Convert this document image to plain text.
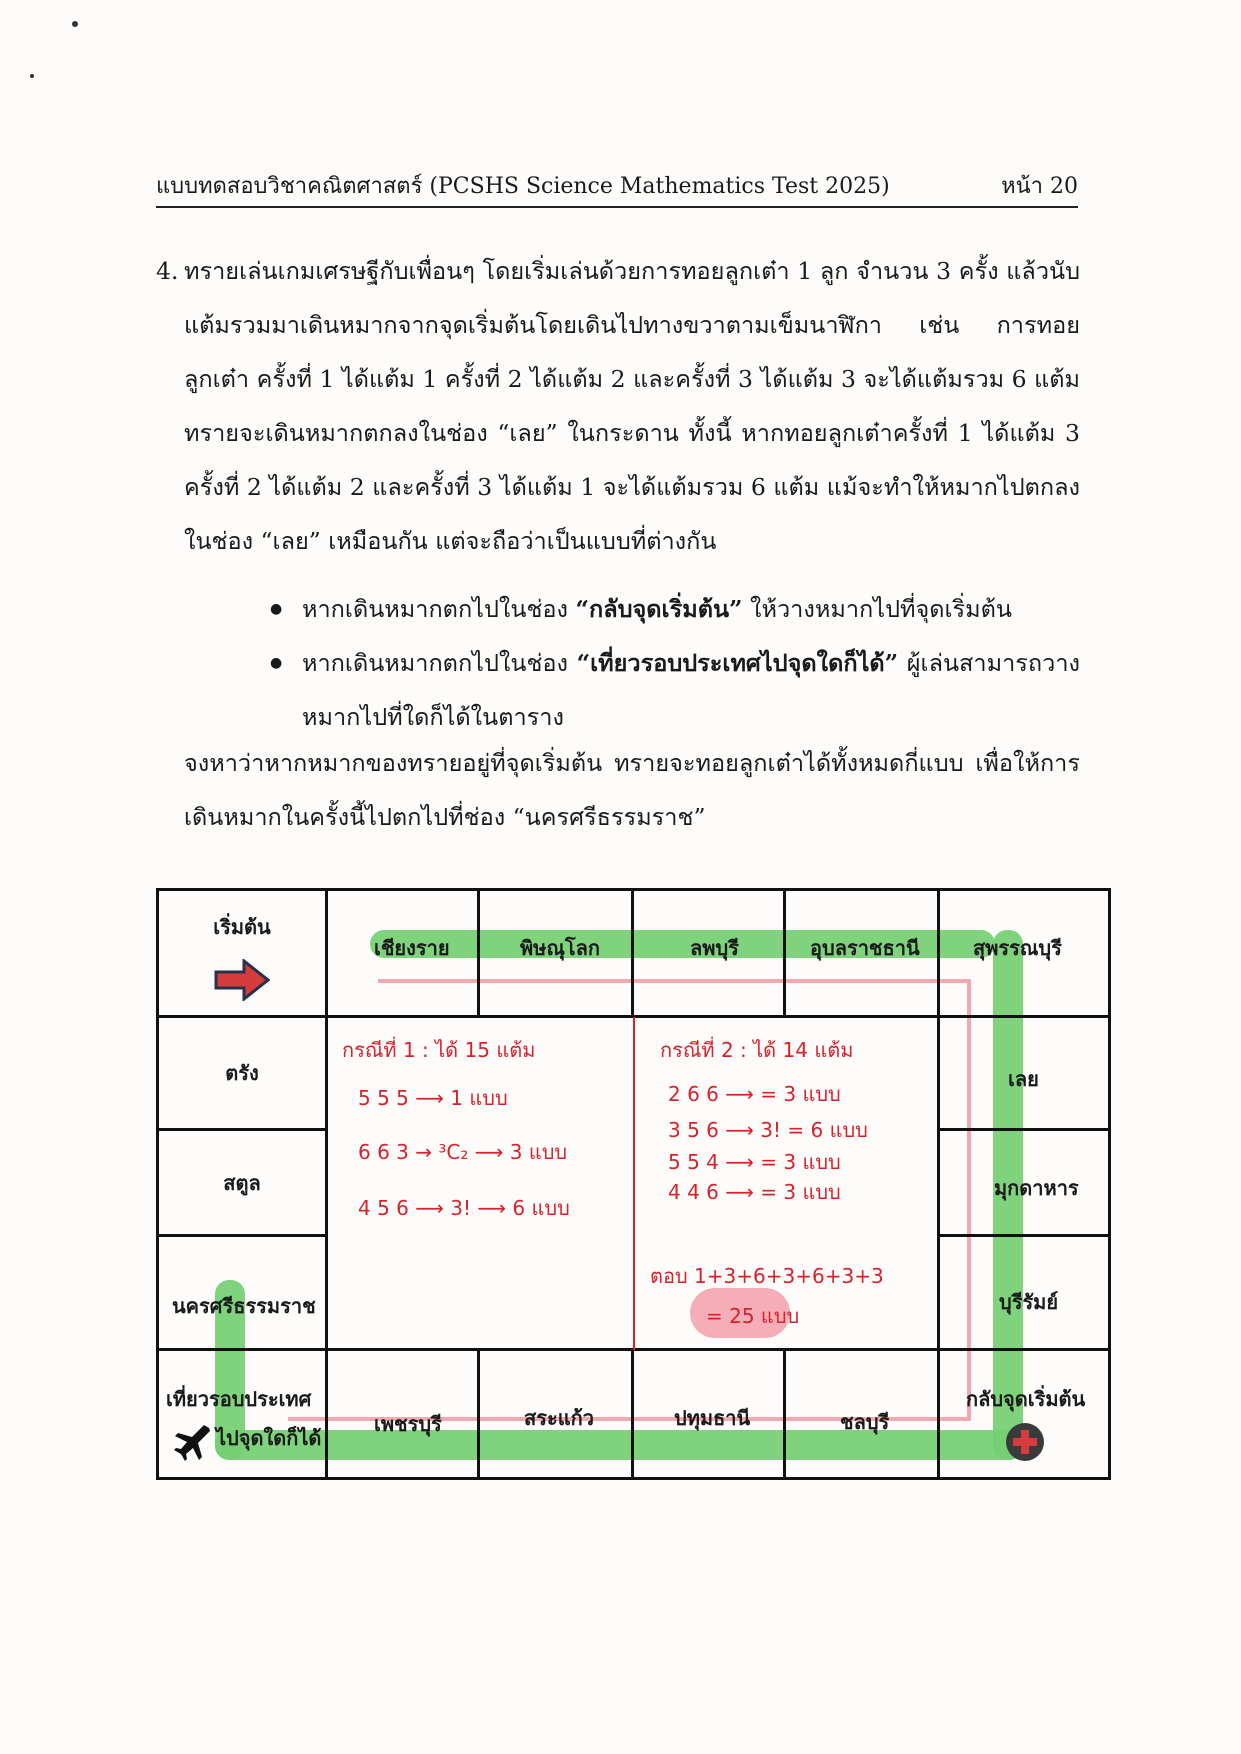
แบบทดสอบวิชาคณิตศาสตร์ (PCSHS Science Mathematics Test 2025)	หน้า 20
4. ทรายเล่นเกมเศรษฐีกับเพื่อนๆ โดยเริ่มเล่นด้วยการทอยลูกเต๋า 1 ลูก จำนวน 3 ครั้ง แล้วนับแต้มรวมมาเดินหมากจากจุดเริ่มต้นโดยเดินไปทางขวาตามเข็มนาฬิกา เช่น การทอยลูกเต๋า ครั้งที่ 1 ได้แต้ม 1 ครั้งที่ 2 ได้แต้ม 2 และครั้งที่ 3 ได้แต้ม 3 จะได้แต้มรวม 6 แต้ม ทรายจะเดินหมากตกลงในช่อง “เลย” ในกระดาน ทั้งนี้ หากทอยลูกเต๋าครั้งที่ 1 ได้แต้ม 3 ครั้งที่ 2 ได้แต้ม 2 และครั้งที่ 3 ได้แต้ม 1 จะได้แต้มรวม 6 แต้ม แม้จะทำให้หมากไปตกลงในช่อง “เลย” เหมือนกัน แต่จะถือว่าเป็นแบบที่ต่างกัน
● หากเดินหมากตกไปในช่อง “กลับจุดเริ่มต้น” ให้วางหมากไปที่จุดเริ่มต้น
● หากเดินหมากตกไปในช่อง “เที่ยวรอบประเทศไปจุดใดก็ได้” ผู้เล่นสามารถวางหมากไปที่ใดก็ได้ในตาราง
จงหาว่าหากหมากของทรายอยู่ที่จุดเริ่มต้น ทรายจะทอยลูกเต๋าได้ทั้งหมดกี่แบบ เพื่อให้การเดินหมากในครั้งนี้ไปตกไปที่ช่อง “นครศรีธรรมราช”
เริ่มต้น
ตรัง
สตูล
เชียงราย	พิษณุโลก	ลพบุรี	อุบลราชธานี	สุพรรณบุรี
เลย
มุกดาหาร
บุรีรัมย์
กลับจุดเริ่มต้น
เพชรบุรี	สระแก้ว	ปทุมธานี	ชลบุรี
นครศรีธรรมราช
เที่ยวรอบประเทศ
ไปจุดใดก็ได้
กรณีที่ 1 : ได้ 15 แต้ม
5 5 5 ⟶ 1 แบบ
6 6 3 → ³C₂ ⟶ 3 แบบ
4 5 6 ⟶ 3! ⟶ 6 แบบ
กรณีที่ 2 : ได้ 14 แต้ม
2 6 6 ⟶ = 3 แบบ
3 5 6 ⟶ 3! = 6 แบบ
5 5 4 ⟶ = 3 แบบ
4 4 6 ⟶ = 3 แบบ
ตอบ 1+3+6+3+6+3+3
= 25 แบบ
